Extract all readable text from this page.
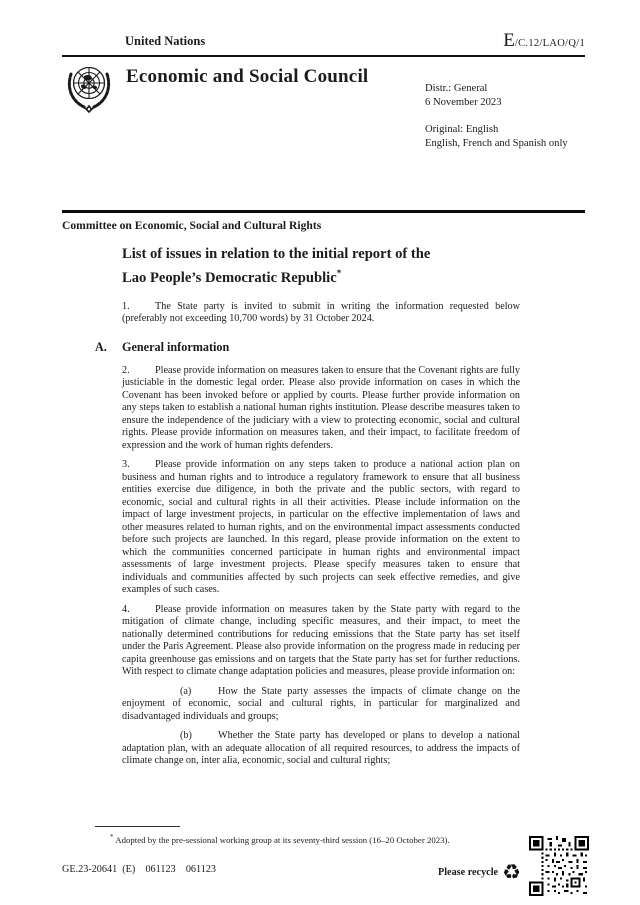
United Nations	E /C.12/LAO/Q/1
Economic and Social Council
Distr.: General
6 November 2023
Original: English
English, French and Spanish only
Committee on Economic, Social and Cultural Rights
List of issues in relation to the initial report of the
Lao People’s Democratic Republic*

1. The State party is invited to submit in writing the information requested below (preferably not exceeding 10,700 words) by 31 October 2024.

A. General information

2. Please provide information on measures taken to ensure that the Covenant rights are fully justiciable in the domestic legal order. Please also provide information on cases in which the Covenant has been invoked before or applied by courts. Please further provide information on any steps taken to establish a national human rights institution. Please describe measures taken to ensure the independence of the judiciary with a view to protecting economic, social and cultural rights. Please provide information on measures taken, and their impact, to facilitate freedom of expression and the work of human rights defenders.

3. Please provide information on any steps taken to produce a national action plan on business and human rights and to introduce a regulatory framework to ensure that all business entities exercise due diligence, in both the private and the public sectors, with regard to economic, social and cultural rights in all their activities. Please include information on the impact of large investment projects, in particular on the effective implementation of laws and other measures related to human rights, and on the environmental impact assessments conducted before such projects are launched. In this regard, please provide information on the extent to which the communities concerned participate in human rights and environmental impact assessments of large investment projects. Please specify measures taken to ensure that individuals and communities affected by such projects can seek effective remedies, and give examples of such cases.

4. Please provide information on measures taken by the State party with regard to the mitigation of climate change, including specific measures, and their impact, to meet the nationally determined contributions for reducing emissions that the State party has set itself under the Paris Agreement. Please also provide information on the progress made in reducing per capita greenhouse gas emissions and on targets that the State party has set for further reductions. With respect to climate change adaptation policies and measures, please provide information on:

(a)	How the State party assesses the impacts of climate change on the enjoyment of economic, social and cultural rights, in particular for marginalized and disadvantaged individuals and groups;

(b)	Whether the State party has developed or plans to develop a national adaptation plan, with an adequate allocation of all required resources, to address the impacts of climate change on, inter alia, economic, social and cultural rights;

* Adopted by the pre-sessional working group at its seventy-third session (16–20 October 2023).
GE.23-20641  (E)    061123    061123	Please recycle ♻
